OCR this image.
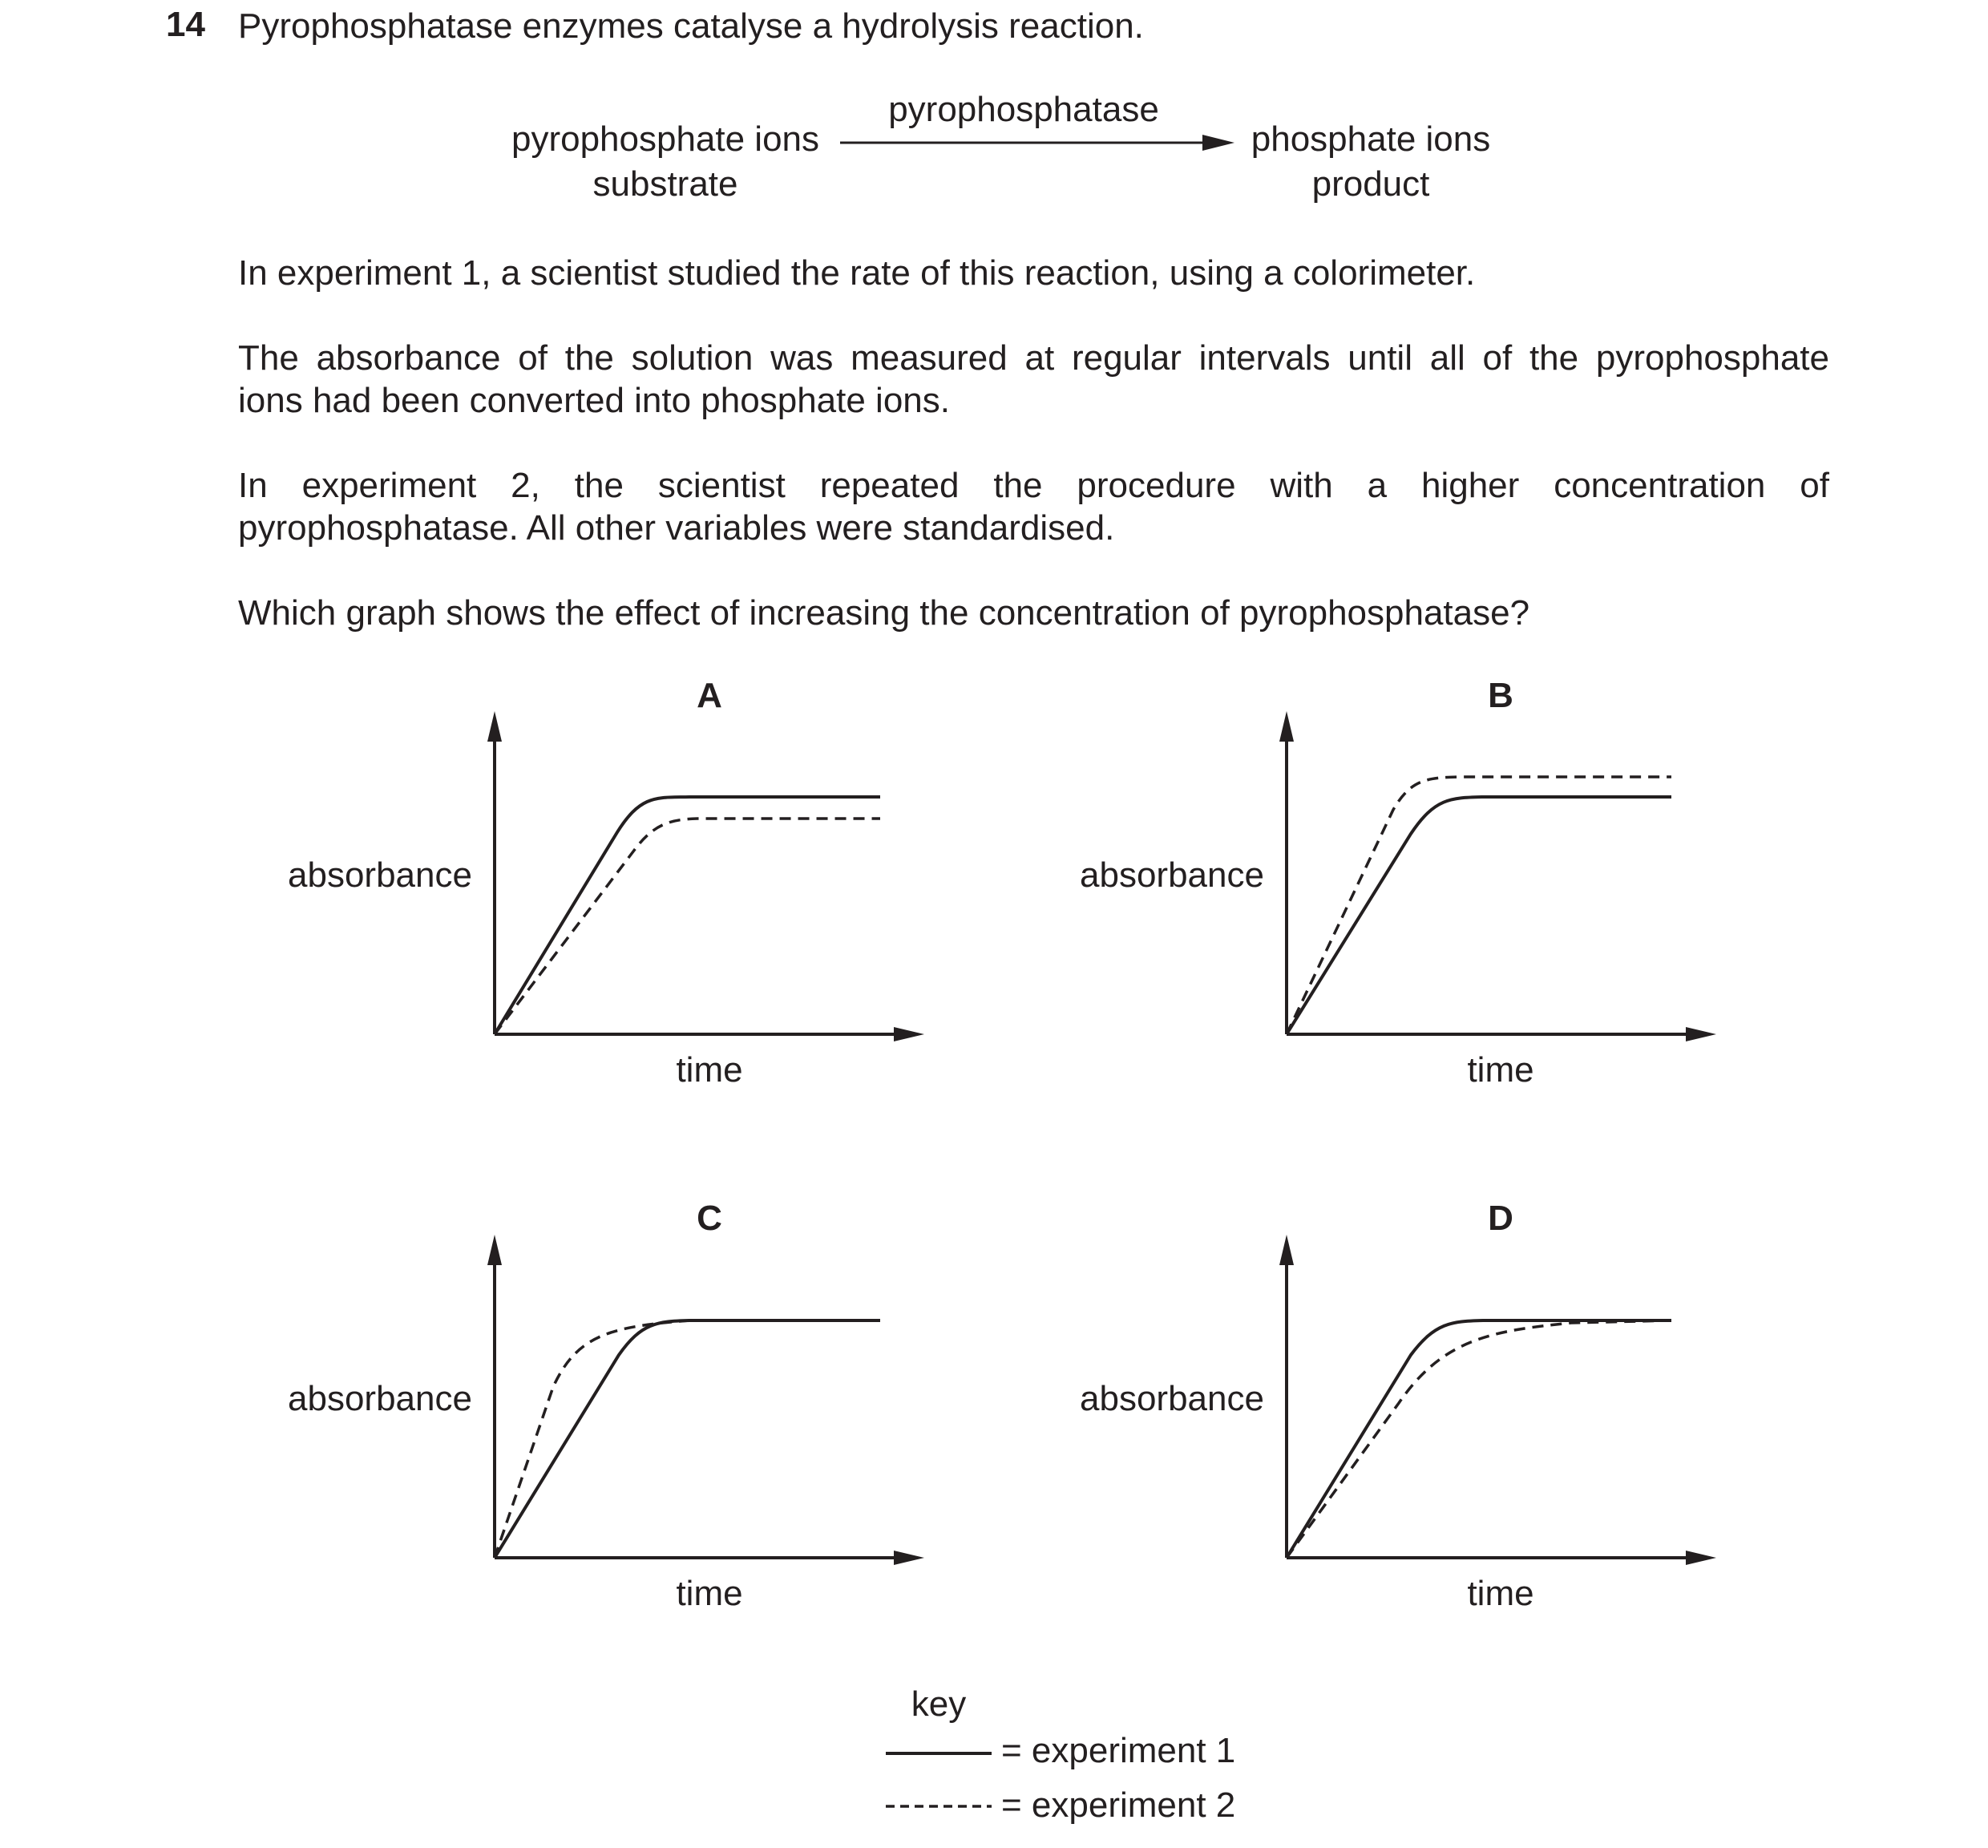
14 Pyrophosphatase enzymes catalyse a hydrolysis reaction.
pyrophosphatase
pyrophosphate ions
substrate
phosphate ions
product
In experiment 1, a scientist studied the rate of this reaction, using a colorimeter.
The absorbance of the solution was measured at regular intervals until all of the pyrophosphate
ions had been converted into phosphate ions.
In experiment 2, the scientist repeated the procedure with a higher concentration of
pyrophosphatase. All other variables were standardised.
Which graph shows the effect of increasing the concentration of pyrophosphatase?
A
absorbance
time
B
absorbance
time
C
absorbance
time
D
absorbance
time
key
= experiment 1
= experiment 2
